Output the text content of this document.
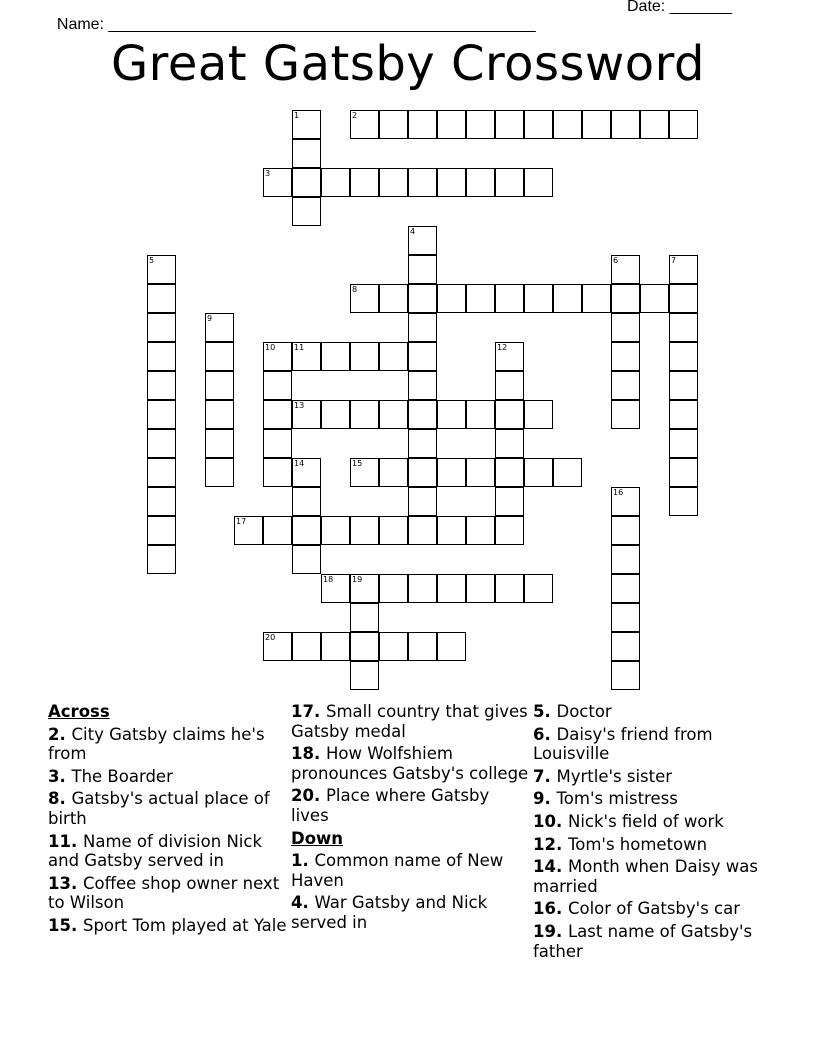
Name: ________________________________________________

Date: _______

Great Gatsby Crossword
2
3
8
11
13
15
17
18 19
20
1
4
5	6	7
9
10	12
14
16
Across
2. City Gatsby claims he's from
3. The Boarder
8. Gatsby's actual place of birth
11. Name of division Nick and Gatsby served in
13. Coffee shop owner next to Wilson
15. Sport Tom played at Yale
17. Small country that gives Gatsby medal
18. How Wolfshiem pronounces Gatsby's college
20. Place where Gatsby lives
Down
1. Common name of New Haven
4. War Gatsby and Nick served in
5. Doctor
6. Daisy's friend from Louisville
7. Myrtle's sister
9. Tom's mistress
10. Nick's field of work
12. Tom's hometown
14. Month when Daisy was married
16. Color of Gatsby's car
19. Last name of Gatsby's father
